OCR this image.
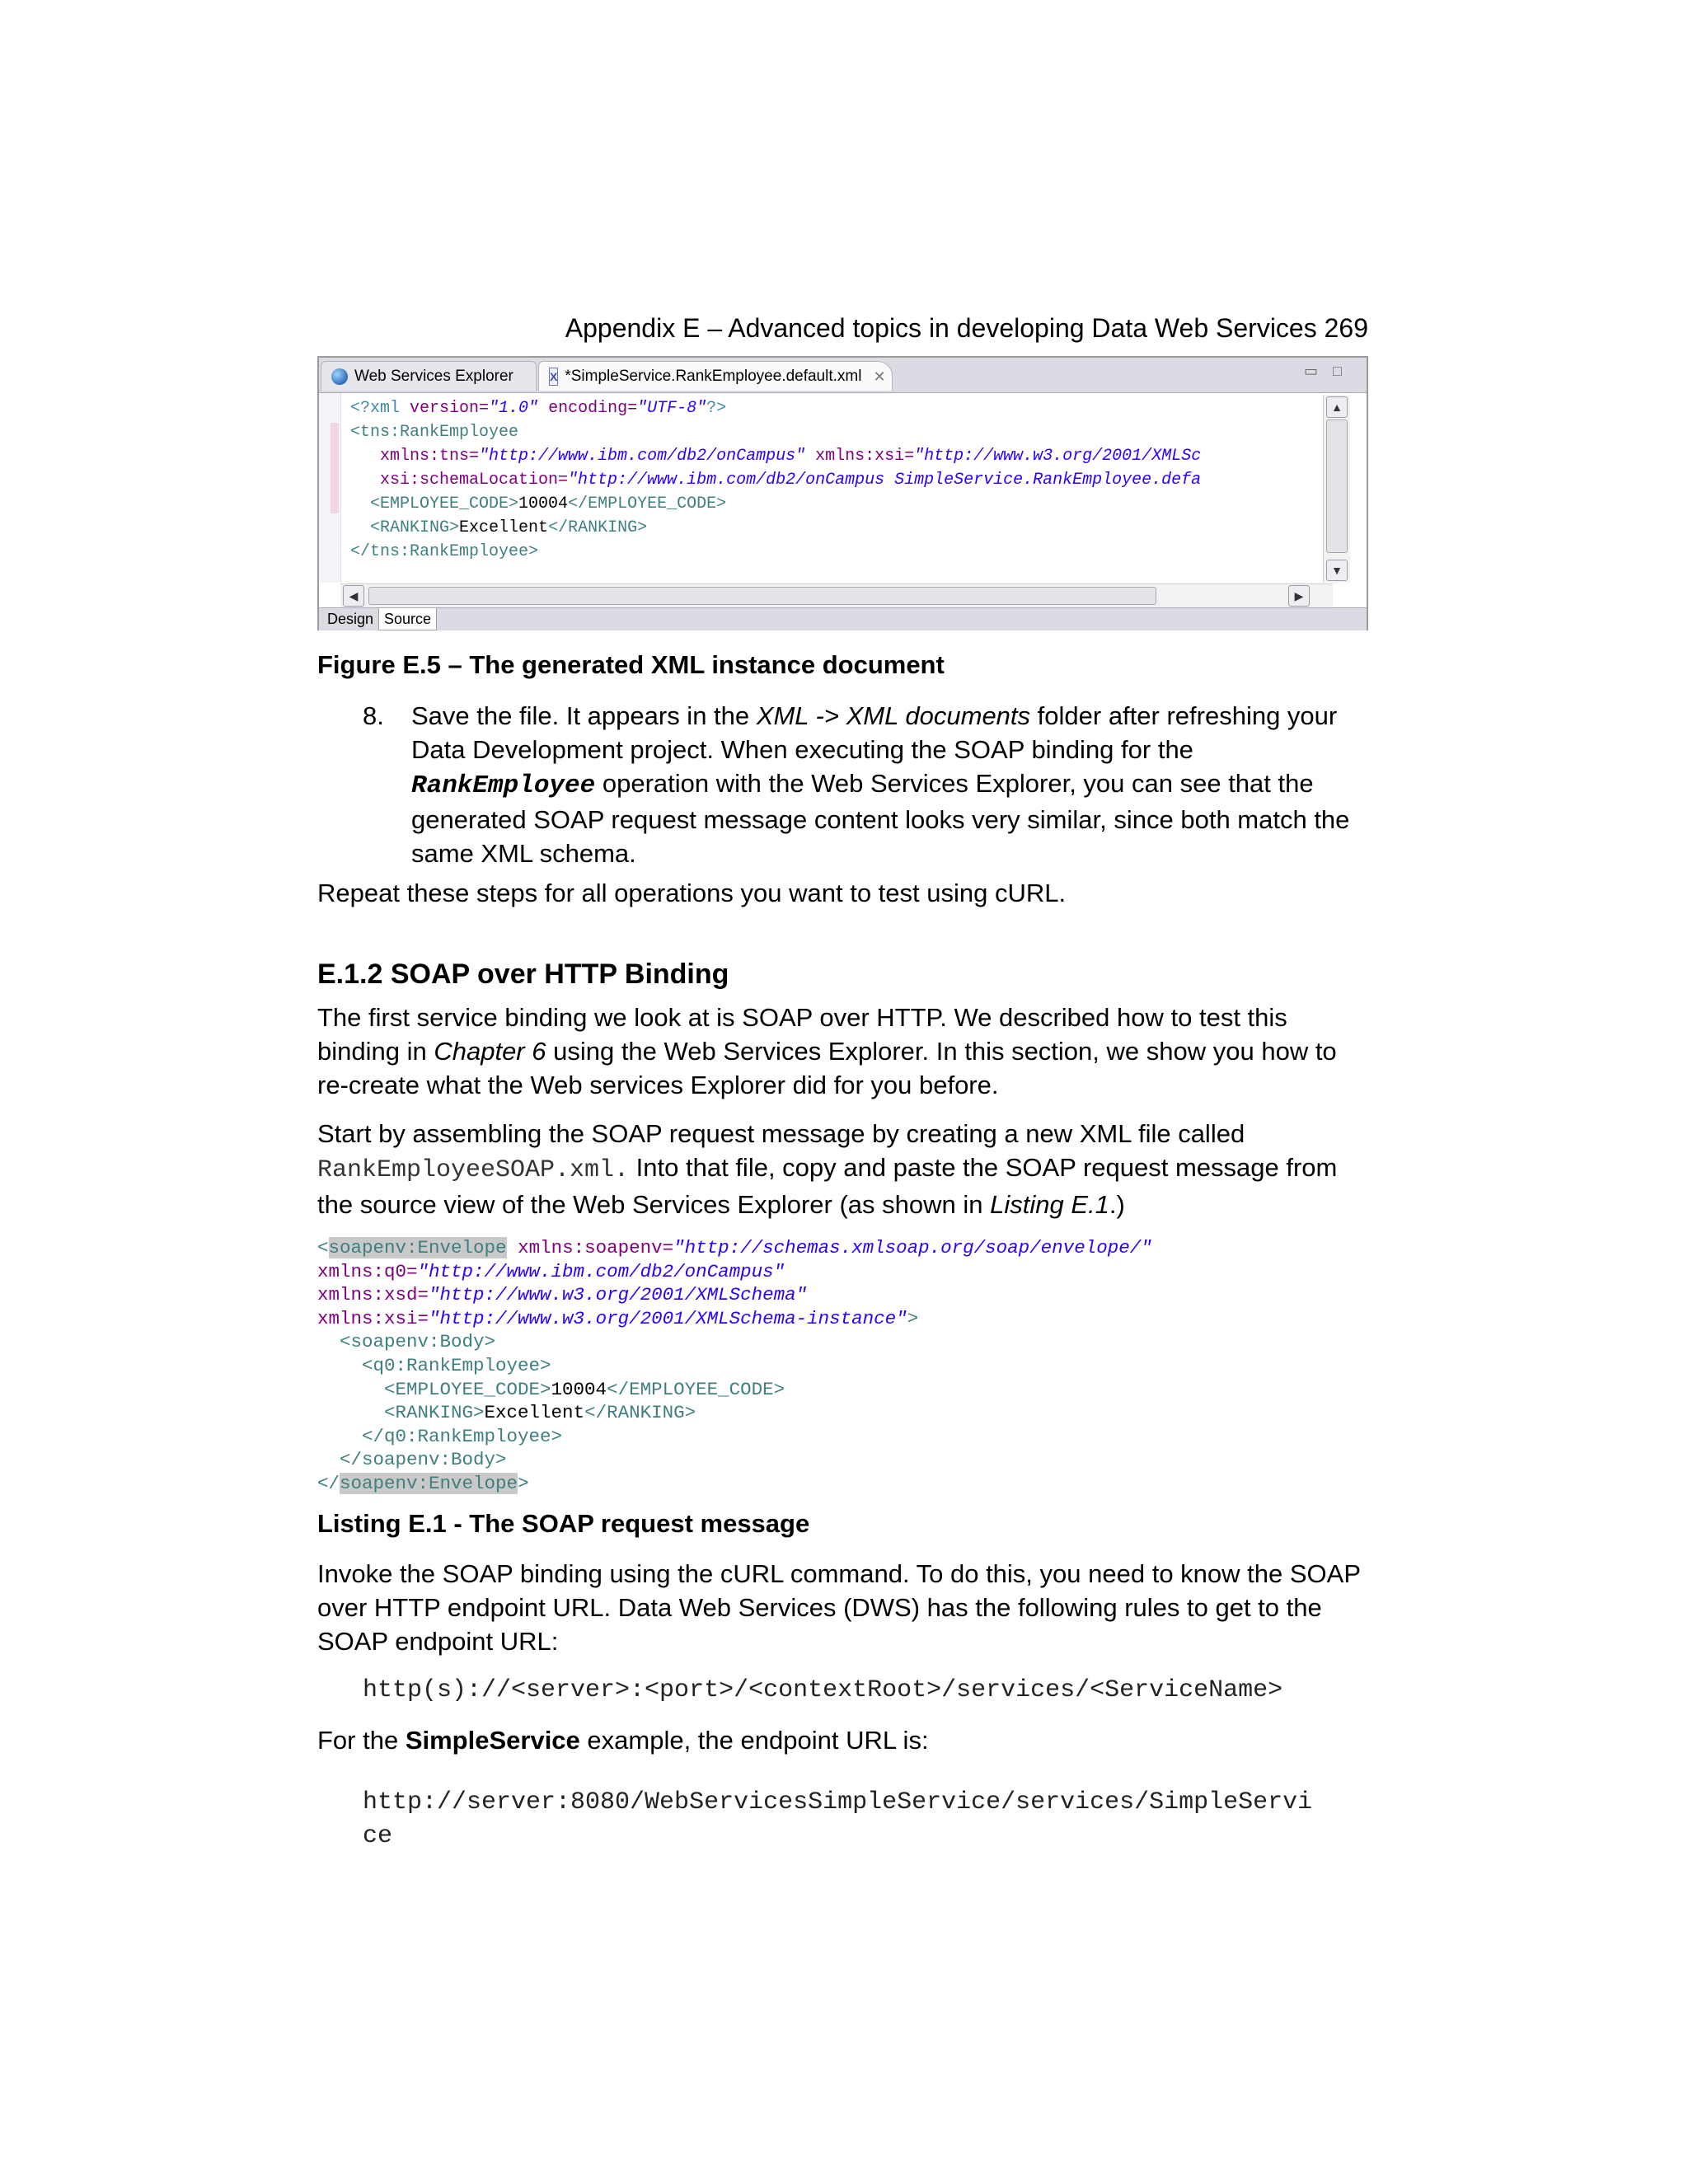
Appendix E – Advanced topics in developing Data Web Services 269
Web Services Explorer	X *SimpleService.RankEmployee.default.xml ✕	▭ □
<?xml version="1.0" encoding="UTF-8"?>
<tns:RankEmployee
xmlns:tns="http://www.ibm.com/db2/onCampus" xmlns:xsi="http://www.w3.org/2001/XMLSc
xsi:schemaLocation="http://www.ibm.com/db2/onCampus SimpleService.RankEmployee.defa
<EMPLOYEE_CODE>10004</EMPLOYEE_CODE>
<RANKING>Excellent</RANKING>
</tns:RankEmployee>
▲
▼
◀	▶
Design Source
Figure E.5 – The generated XML instance document
8. Save the file. It appears in the XML -> XML documents folder after refreshing your Data Development project. When executing the SOAP binding for the RankEmployee operation with the Web Services Explorer, you can see that the generated SOAP request message content looks very similar, since both match the same XML schema.

Repeat these steps for all operations you want to test using cURL.

E.1.2 SOAP over HTTP Binding

The first service binding we look at is SOAP over HTTP. We described how to test this binding in Chapter 6 using the Web Services Explorer. In this section, we show you how to re-create what the Web services Explorer did for you before.

Start by assembling the SOAP request message by creating a new XML file called RankEmployeeSOAP.xml. Into that file, copy and paste the SOAP request message from the source view of the Web Services Explorer (as shown in Listing E.1.)

<soapenv:Envelope xmlns:soapenv="http://schemas.xmlsoap.org/soap/envelope/"
xmlns:q0="http://www.ibm.com/db2/onCampus"
xmlns:xsd="http://www.w3.org/2001/XMLSchema"
xmlns:xsi="http://www.w3.org/2001/XMLSchema-instance">
<soapenv:Body>
<q0:RankEmployee>
<EMPLOYEE_CODE>10004</EMPLOYEE_CODE>
<RANKING>Excellent</RANKING>
</q0:RankEmployee>
</soapenv:Body>
</soapenv:Envelope>
Listing E.1 - The SOAP request message

Invoke the SOAP binding using the cURL command. To do this, you need to know the SOAP over HTTP endpoint URL. Data Web Services (DWS) has the following rules to get to the SOAP endpoint URL:

http(s)://<server>:<port>/<contextRoot>/services/<ServiceName>

For the SimpleService example, the endpoint URL is:

http://server:8080/WebServicesSimpleService/services/SimpleServi
ce
